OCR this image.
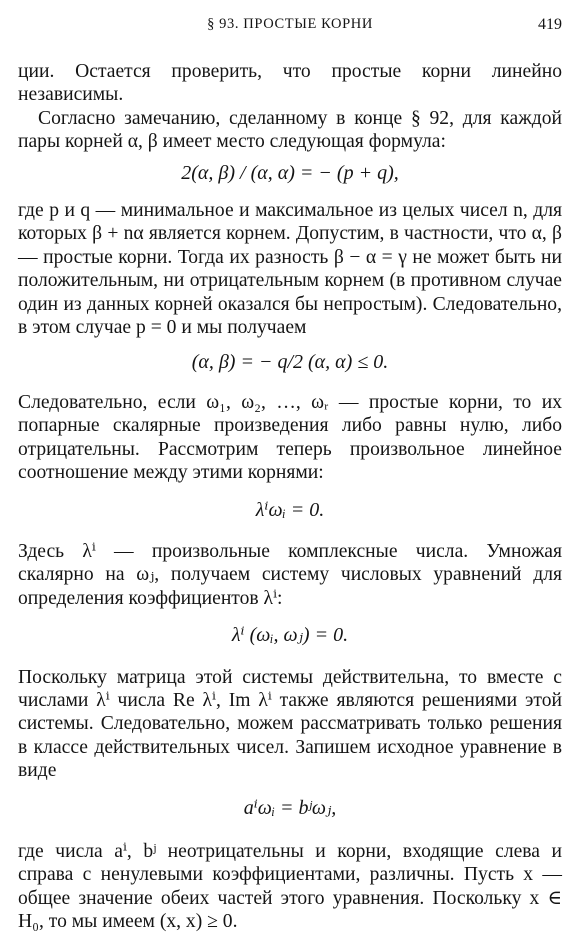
§ 93. ПРОСТЫЕ КОРНИ	419

ции. Остается проверить, что простые корни линейно независимы.

Согласно замечанию, сделанному в конце § 92, для каждой пары корней α, β имеет место следующая формула:

2(α, β) / (α, α) = − (p + q),

где p и q — минимальное и максимальное из целых чисел n, для которых β + nα является корнем. Допустим, в частности, что α, β — простые корни. Тогда их разность β − α = γ не может быть ни положительным, ни отрицательным корнем (в противном случае один из данных корней оказался бы непростым). Следовательно, в этом случае p = 0 и мы получаем

(α, β) = − q/2 (α, α) ≤ 0.

Следовательно, если ω₁, ω₂, …, ωᵣ — простые корни, то их попарные скалярные произведения либо равны нулю, либо отрицательны. Рассмотрим теперь произвольное линейное соотношение между этими корнями:

λⁱωᵢ = 0.

Здесь λⁱ — произвольные комплексные числа. Умножая скалярно на ωⱼ, получаем систему числовых уравнений для определения коэффициентов λⁱ:

λⁱ (ωᵢ, ωⱼ) = 0.

Поскольку матрица этой системы действительна, то вместе с числами λⁱ числа Re λⁱ, Im λⁱ также являются решениями этой системы. Следовательно, можем рассматривать только решения в классе действительных чисел. Запишем исходное уравнение в виде

aⁱωᵢ = bʲωⱼ,

где числа aⁱ, bʲ неотрицательны и корни, входящие слева и справа с ненулевыми коэффициентами, различны. Пусть x — общее значение обеих частей этого уравнения. Поскольку x ∈ H₀, то мы имеем (x, x) ≥ 0.
